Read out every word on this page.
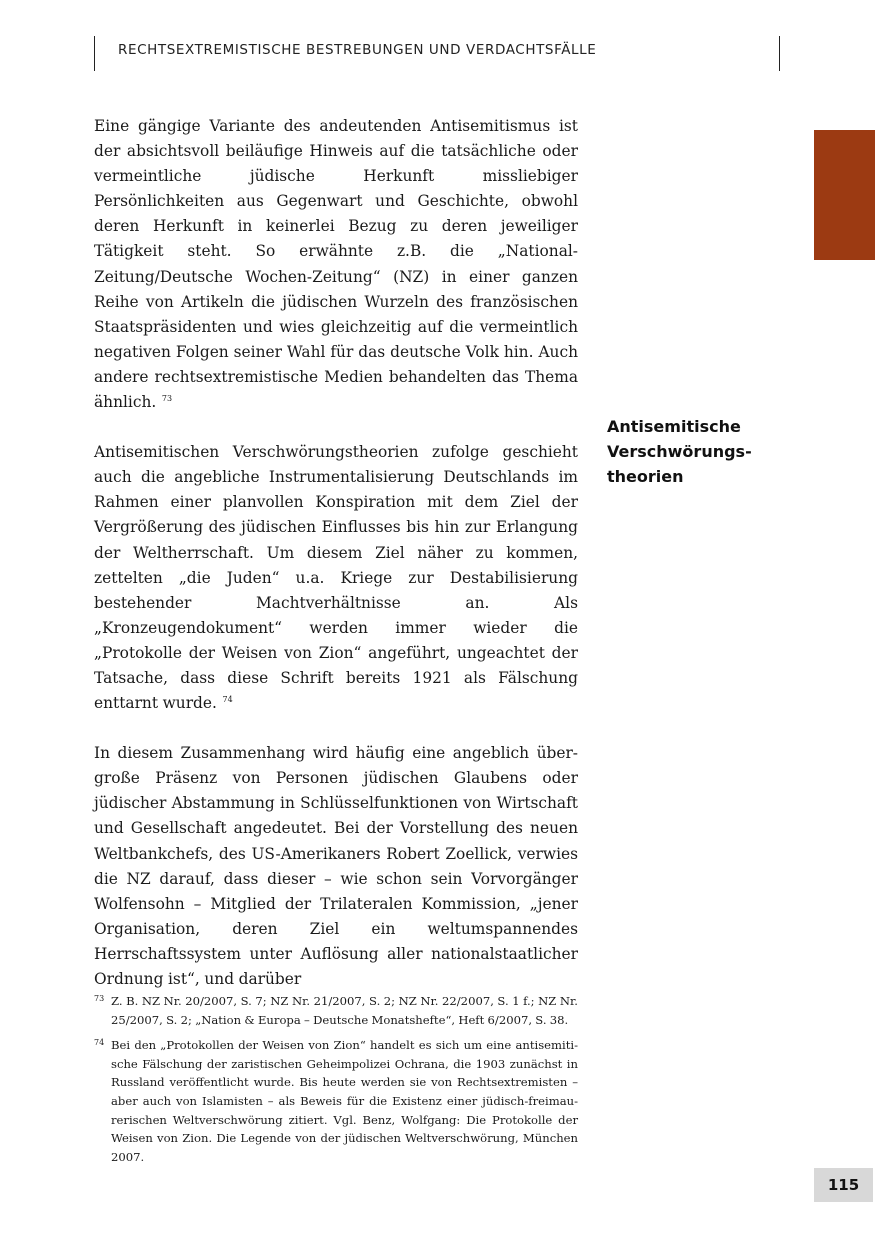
RECHTSEXTREMISTISCHE BESTREBUNGEN UND VERDACHTSFÄLLE

Eine gängige Variante des andeutenden Antisemitismus ist der absichtsvoll beiläufige Hinweis auf die tatsächliche oder vermeintliche jüdische Herkunft missliebiger Persönlichkeiten aus Gegenwart und Geschichte, obwohl deren Herkunft in keinerlei Bezug zu deren jeweiliger Tätigkeit steht. So erwähnte z.B. die „National-Zeitung/Deutsche Wochen-Zeitung“ (NZ) in einer ganzen Reihe von Artikeln die jüdischen Wurzeln des französischen Staatspräsidenten und wies gleichzeitig auf die vermeintlich negativen Folgen seiner Wahl für das deutsche Volk hin. Auch andere rechtsextremistische Medien behandelten das Thema ähnlich. $^{73}$

Antisemitischen Verschwörungstheorien zufolge geschieht auch die angebliche Instrumentalisierung Deutschlands im Rahmen einer planvollen Konspiration mit dem Ziel der Vergrößerung des jüdischen Einflusses bis hin zur Erlangung der Weltherrschaft. Um diesem Ziel näher zu kommen, zettelten „die Juden“ u.a. Kriege zur Destabilisierung bestehender Machtverhältnisse an. Als „Kronzeugendokument“ werden immer wieder die „Protokolle der Weisen von Zion“ angeführt, ungeachtet der Tatsache, dass diese Schrift bereits 1921 als Fälschung enttarnt wurde. $^{74}$

In diesem Zusammenhang wird häufig eine angeblich übergroße Präsenz von Personen jüdischen Glaubens oder jüdischer Abstammung in Schlüsselfunktionen von Wirtschaft und Gesellschaft angedeutet. Bei der Vorstellung des neuen Weltbankchefs, des US-Amerikaners Robert Zoellick, verwies die NZ darauf, dass dieser – wie schon sein Vorvorgänger Wolfensohn – Mitglied der Trilateralen Kommission, „jener Organisation, deren Ziel ein weltumspannendes Herrschaftssystem unter Auflösung aller nationalstaatlicher Ordnung ist“, und darüber

Antisemitische
Verschwörungs-
theorien
73 Z. B. NZ Nr. 20/2007, S. 7; NZ Nr. 21/2007, S. 2; NZ Nr. 22/2007, S. 1 f.; NZ Nr. 25/2007, S. 2; „Nation & Europa – Deutsche Monatshefte“, Heft 6/2007, S. 38.
74 Bei den „Protokollen der Weisen von Zion“ handelt es sich um eine antisemitische Fälschung der zaristischen Geheimpolizei Ochrana, die 1903 zunächst in Russland veröffentlicht wurde. Bis heute werden sie von Rechtsextremisten – aber auch von Islamisten – als Beweis für die Existenz einer jüdisch-freimaurerischen Weltverschwörung zitiert. Vgl. Benz, Wolfgang: Die Protokolle der Weisen von Zion. Die Legende von der jüdischen Weltverschwörung, München 2007.
115
